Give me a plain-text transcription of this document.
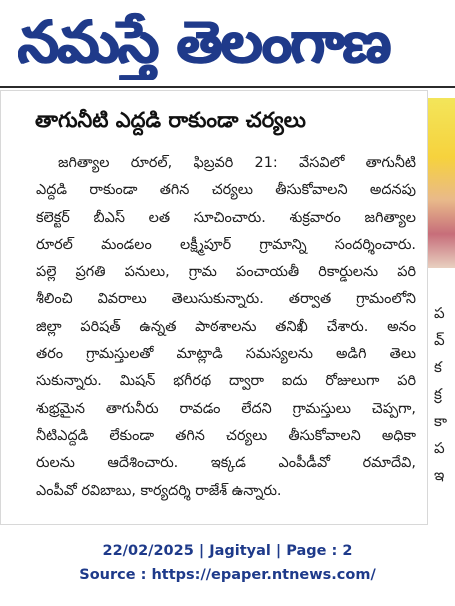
నమస్తే తెలంగాణ
ప
వ్
క
క్ర
కా
ప
ఇ
తాగునీటి ఎద్దడి రాకుండా చర్యలు
జగిత్యాల రూరల్, ఫిబ్రవరి 21: వేసవిలో తాగునీటి
ఎద్దడి రాకుండా తగిన చర్యలు తీసుకోవాలని అదనపు
కలెక్టర్ బీఎస్ లత సూచించారు. శుక్రవారం జగిత్యాల
రూరల్ మండలం లక్ష్మీపూర్ గ్రామాన్ని సందర్శించారు.
పల్లె ప్రగతి పనులు, గ్రామ పంచాయతీ రికార్డులను పరి
శీలించి వివరాలు తెలుసుకున్నారు. తర్వాత గ్రామంలోని
జిల్లా పరిషత్ ఉన్నత పాఠశాలను తనిఖీ చేశారు. అనం
తరం గ్రామస్తులతో మాట్లాడి సమస్యలను అడిగి తెలు
సుకున్నారు. మిషన్ భగీరథ ద్వారా ఐదు రోజులుగా పరి
శుభ్రమైన తాగునీరు రావడం లేదని గ్రామస్తులు చెప్పగా,
నీటిఎద్దడి లేకుండా తగిన చర్యలు తీసుకోవాలని అధికా
రులను ఆదేశించారు. ఇక్కడ ఎంపీడీవో రమాదేవి,
ఎంపీవో రవిబాబు, కార్యదర్శి రాజేశ్ ఉన్నారు.
22/02/2025 | Jagityal | Page : 2
Source : https://epaper.ntnews.com/
